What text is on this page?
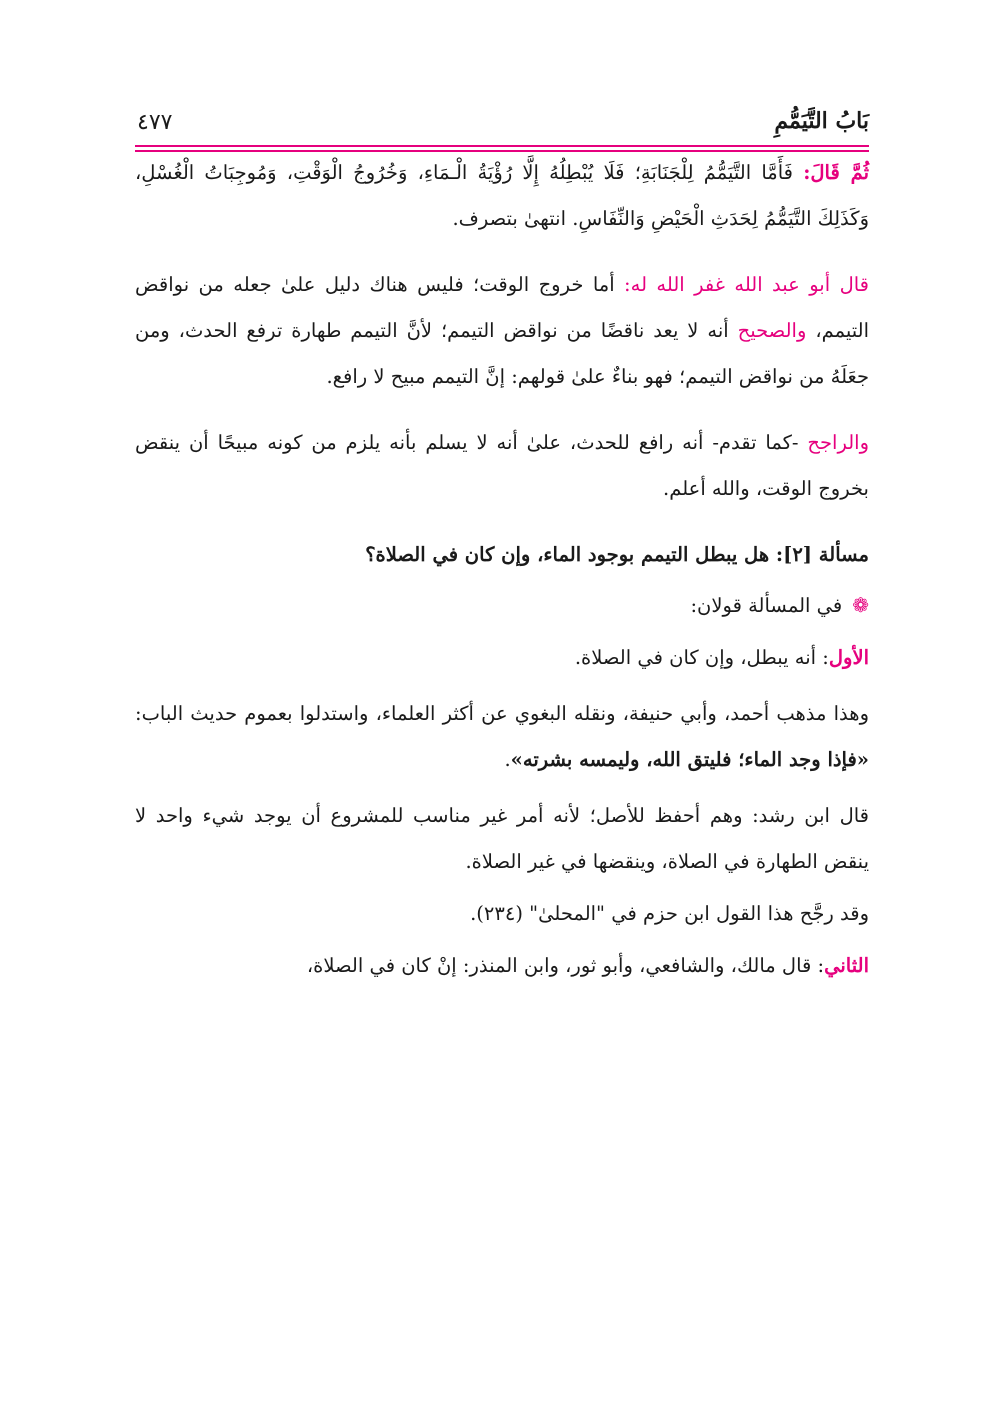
بَابُ التَّيَمُّمِ
٤٧٧

ثُمَّ قَالَ: فَأَمَّا التَّيَمُّمُ لِلْجَنَابَةِ؛ فَلَا يُبْطِلُهُ إِلَّا رُؤْيَةُ الْـمَاءِ، وَخُرُوجُ الْوَقْتِ، وَمُوجِبَاتُ الْغُسْلِ، وَكَذَلِكَ التَّيَمُّمُ لِحَدَثِ الْحَيْضِ وَالنِّفَاسِ. انتهىٰ بتصرف.

قال أبو عبد الله غفر الله له: أما خروج الوقت؛ فليس هناك دليل علىٰ جعله من نواقض التيمم، والصحيح أنه لا يعد ناقضًا من نواقض التيمم؛ لأنَّ التيمم طهارة ترفع الحدث، ومن جعَلَهُ من نواقض التيمم؛ فهو بناءٌ علىٰ قولهم: إنَّ التيمم مبيح لا رافع.

والراجح -كما تقدم- أنه رافع للحدث، علىٰ أنه لا يسلم بأنه يلزم من كونه مبيحًا أن ينقض بخروج الوقت، والله أعلم.

مسألة [٢]: هل يبطل التيمم بوجود الماء، وإن كان في الصلاة؟

❁في المسألة قولان:

الأول: أنه يبطل، وإن كان في الصلاة.

وهذا مذهب أحمد، وأبي حنيفة، ونقله البغوي عن أكثر العلماء، واستدلوا بعموم حديث الباب: «فإذا وجد الماء؛ فليتق الله، وليمسه بشرته».

قال ابن رشد: وهم أحفظ للأصل؛ لأنه أمر غير مناسب للمشروع أن يوجد شيء واحد لا ينقض الطهارة في الصلاة، وينقضها في غير الصلاة.

وقد رجَّح هذا القول ابن حزم في "المحلىٰ" (٢٣٤).

الثاني: قال مالك، والشافعي، وأبو ثور، وابن المنذر: إنْ كان في الصلاة،
